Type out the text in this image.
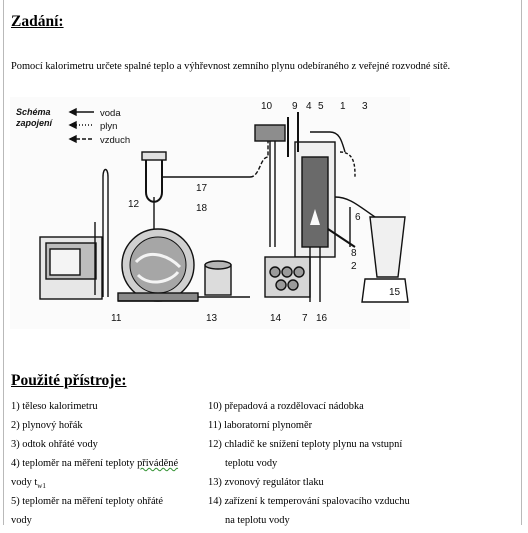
Zadání:
Pomocí kalorimetru určete spalné teplo a výhřevnost zemního plynu odebíraného z veřejné rozvodné sítě.
Schéma
zapojení
voda
plyn
vzduch
10 9 4 5 1 3
17
18
12
6
8
2
15
11	13	14 7 16
Použité přístroje:
1) těleso kalorimetru	10) přepadová a rozdělovací nádobka
2) plynový hořák	11) laboratorní plynoměr
3) odtok ohřáté vody	12) chladič ke snížení teploty plynu na vstupní
4) teploměr na měření teploty přiváděné	teplotu vody
vody $t_{w1}$	13) zvonový regulátor tlaku
5) teploměr na měření teploty ohřáté	14) zařízení k temperování spalovacího vzduchu
vody	na teplotu vody
